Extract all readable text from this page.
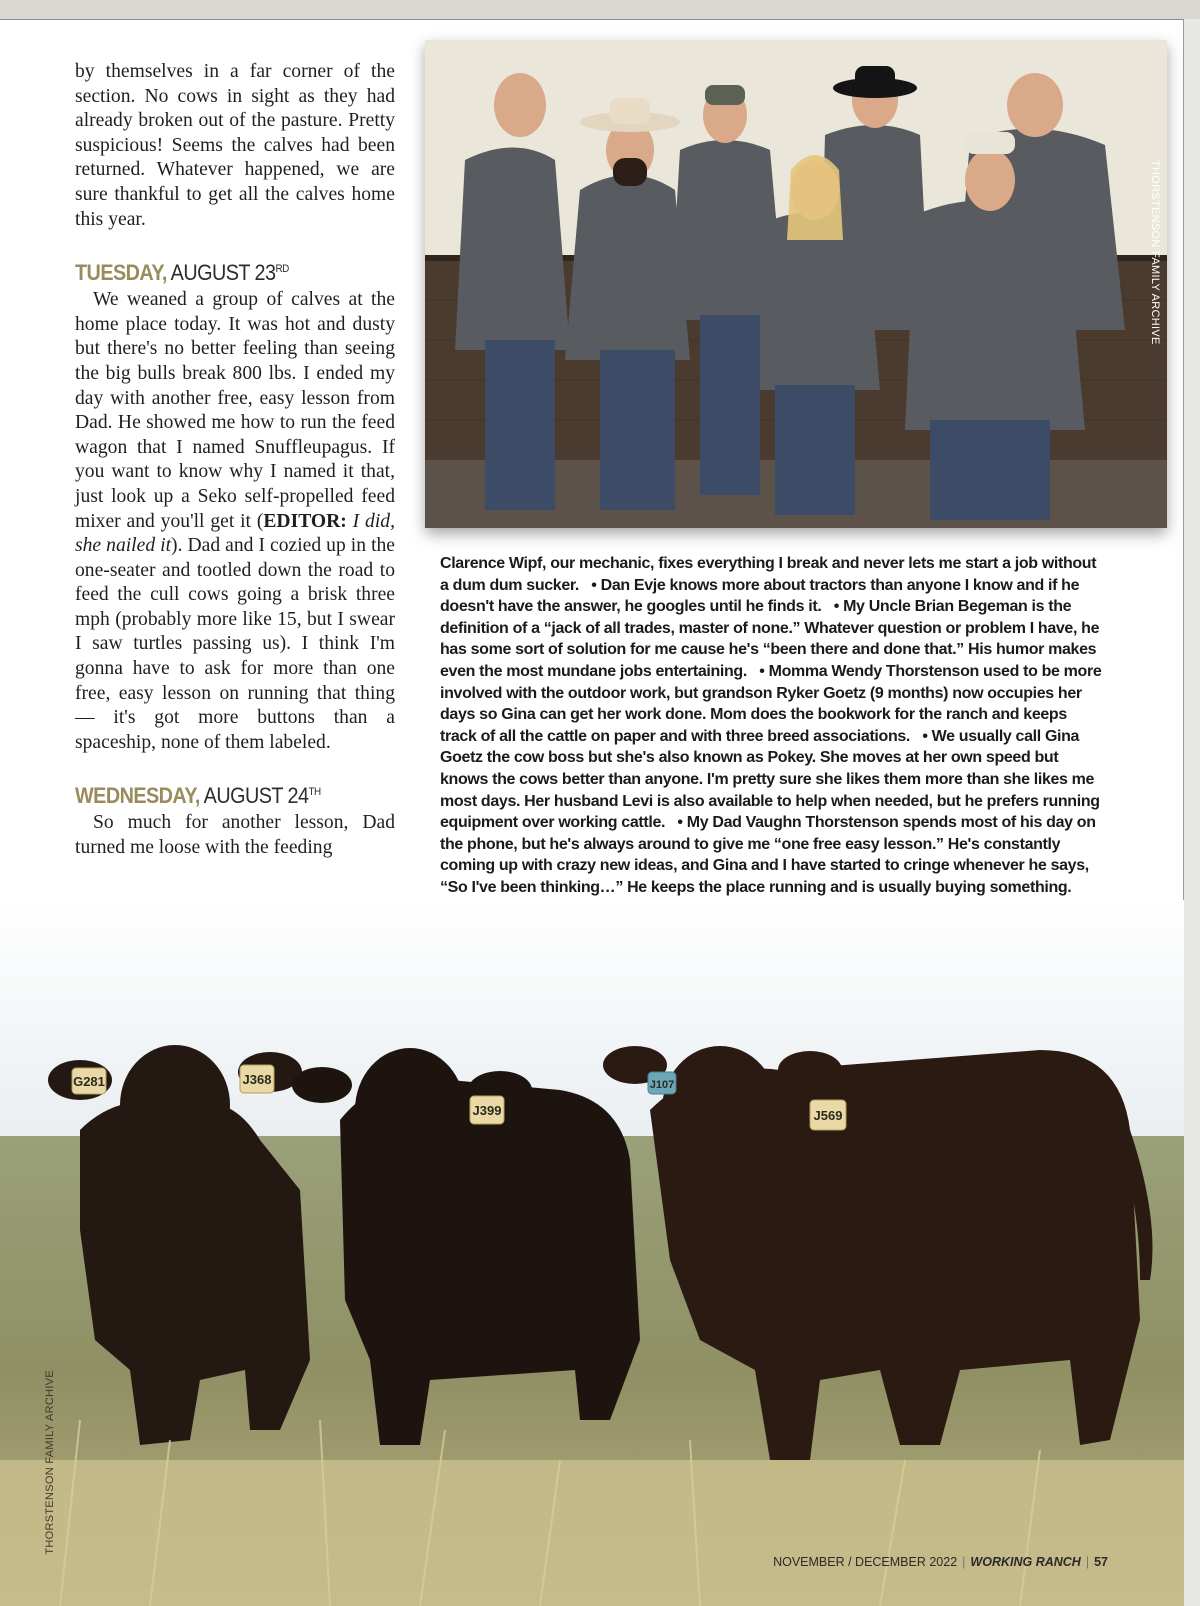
by themselves in a far corner of the section. No cows in sight as they had already broken out of the pasture. Pretty suspicious! Seems the calves had been returned. Whatever happened, we are sure thankful to get all the calves home this year.

TUESDAY, AUGUST 23RD

We weaned a group of calves at the home place today. It was hot and dusty but there's no better feeling than seeing the big bulls break 800 lbs. I ended my day with another free, easy lesson from Dad. He showed me how to run the feed wagon that I named Snuffleupagus. If you want to know why I named it that, just look up a Seko self-propelled feed mixer and you'll get it (EDITOR: I did, she nailed it). Dad and I cozied up in the one-seater and tootled down the road to feed the cull cows going a brisk three mph (probably more like 15, but I swear I saw turtles passing us). I think I'm gonna have to ask for more than one free, easy lesson on running that thing — it's got more buttons than a spaceship, none of them labeled.

WEDNESDAY, AUGUST 24TH

So much for another lesson, Dad turned me loose with the feeding

THORSTENSON FAMILY ARCHIVE
Clarence Wipf, our mechanic, fixes everything I break and never lets me start a job without a dum dum sucker. • Dan Evje knows more about tractors than anyone I know and if he doesn't have the answer, he googles until he finds it. • My Uncle Brian Begeman is the definition of a “jack of all trades, master of none.” Whatever question or problem I have, he has some sort of solution for me cause he's “been there and done that.” His humor makes even the most mundane jobs entertaining. • Momma Wendy Thorstenson used to be more involved with the outdoor work, but grandson Ryker Goetz (9 months) now occupies her days so Gina can get her work done. Mom does the bookwork for the ranch and keeps track of all the cattle on paper and with three breed associations. • We usually call Gina Goetz the cow boss but she's also known as Pokey. She moves at her own speed but knows the cows better than anyone. I'm pretty sure she likes them more than she likes me most days. Her husband Levi is also available to help when needed, but he prefers running equipment over working cattle. • My Dad Vaughn Thorstenson spends most of his day on the phone, but he's always around to give me “one free easy lesson.” He's constantly coming up with crazy new ideas, and Gina and I have started to cringe whenever he says, “So I've been thinking…” He keeps the place running and is usually buying something.
G281	J368
J399	J569
J107
THORSTENSON FAMILY ARCHIVE
NOVEMBER / DECEMBER 2022 | WORKING RANCH | 57
